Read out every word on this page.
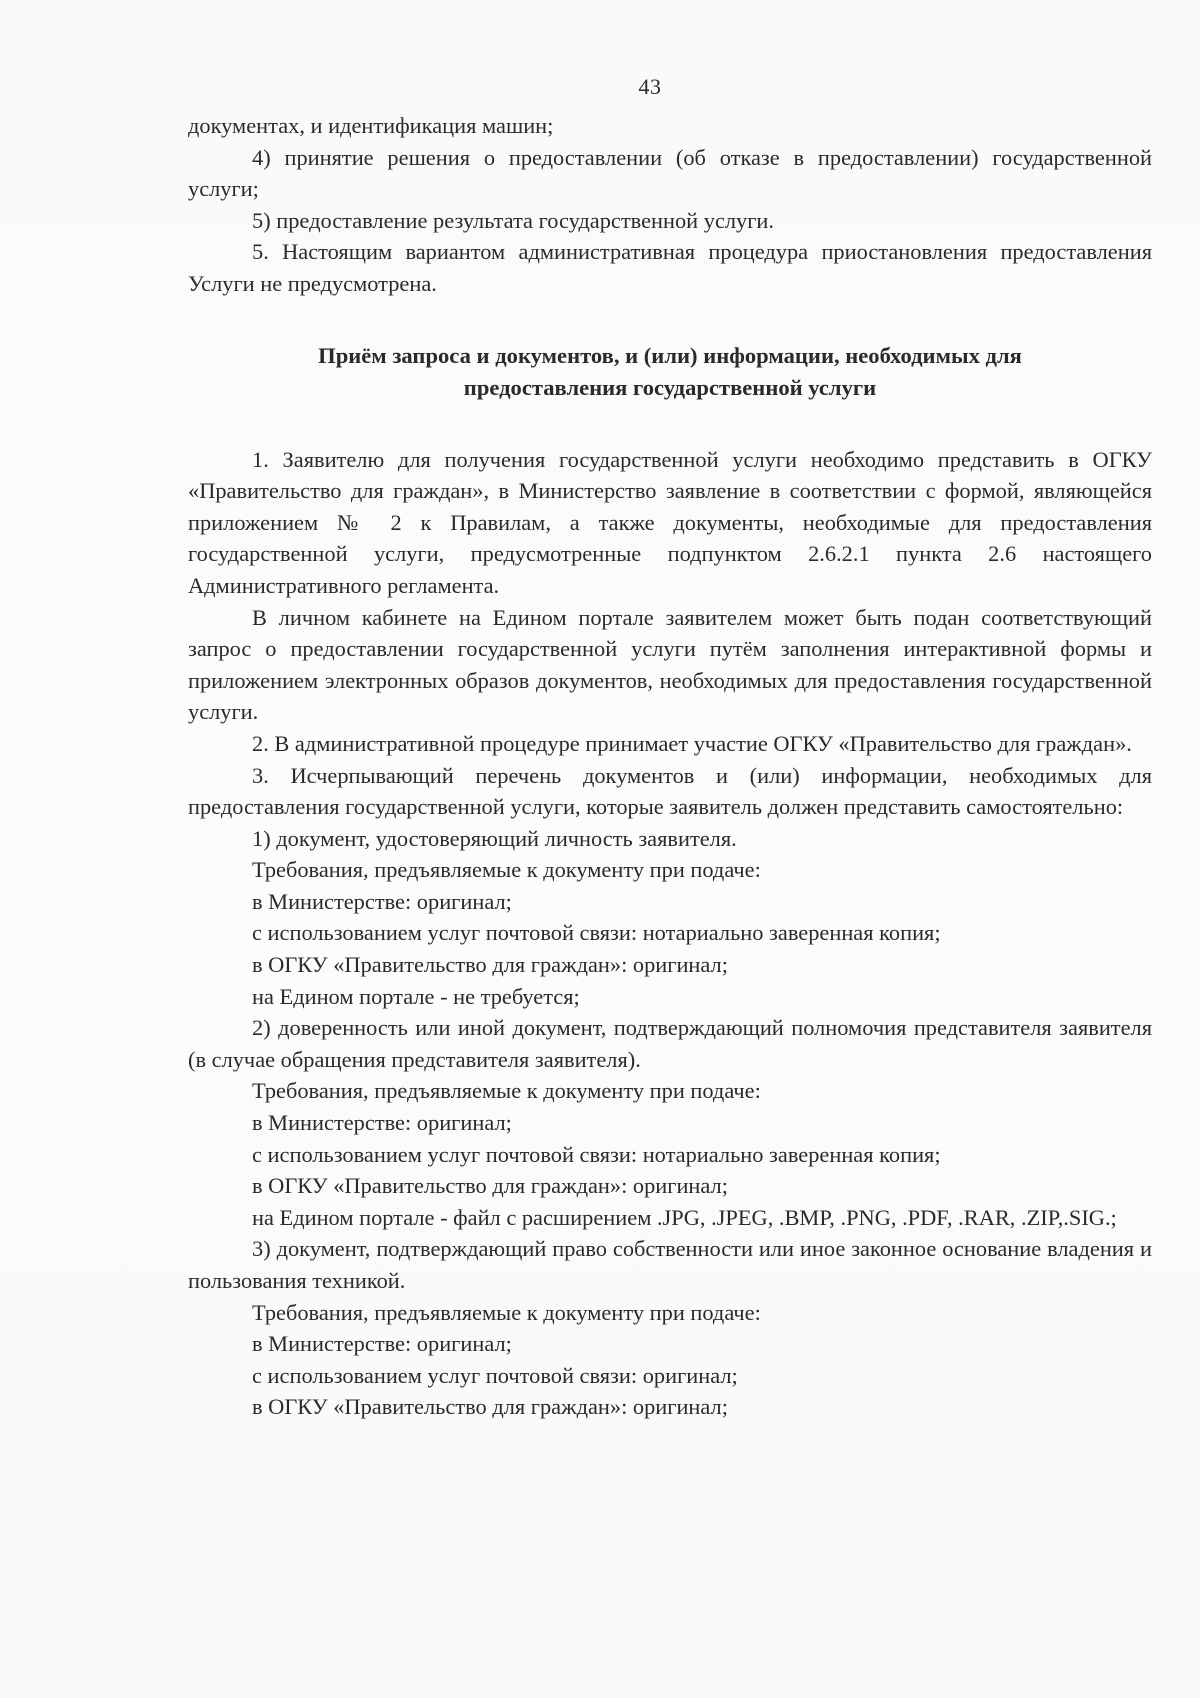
43

документах, и идентификация машин;

4) принятие решения о предоставлении (об отказе в предоставлении) государственной услуги;

5) предоставление результата государственной услуги.

5. Настоящим вариантом административная процедура приостановления предоставления Услуги не предусмотрена.

Приём запроса и документов, и (или) информации, необходимых для
предоставления государственной услуги

1. Заявителю для получения государственной услуги необходимо представить в ОГКУ «Правительство для граждан», в Министерство заявление в соответствии с формой, являющейся приложением № 2 к Правилам, а также документы, необходимые для предоставления государственной услуги, предусмотренные подпунктом 2.6.2.1 пункта 2.6 настоящего Административного регламента.

В личном кабинете на Едином портале заявителем может быть подан соответствующий запрос о предоставлении государственной услуги путём заполнения интерактивной формы и приложением электронных образов документов, необходимых для предоставления государственной услуги.

2. В административной процедуре принимает участие ОГКУ «Правительство для граждан».

3. Исчерпывающий перечень документов и (или) информации, необходимых для предоставления государственной услуги, которые заявитель должен представить самостоятельно:

1) документ, удостоверяющий личность заявителя.

Требования, предъявляемые к документу при подаче:

в Министерстве: оригинал;

с использованием услуг почтовой связи: нотариально заверенная копия;

в ОГКУ «Правительство для граждан»: оригинал;

на Едином портале - не требуется;

2) доверенность или иной документ, подтверждающий полномочия представителя заявителя (в случае обращения представителя заявителя).

Требования, предъявляемые к документу при подаче:

в Министерстве: оригинал;

с использованием услуг почтовой связи: нотариально заверенная копия;

в ОГКУ «Правительство для граждан»: оригинал;

на Едином портале - файл с расширением .JPG, .JPEG, .BMP, .PNG, .PDF, .RAR, .ZIP,.SIG.;

3) документ, подтверждающий право собственности или иное законное основание владения и пользования техникой.

Требования, предъявляемые к документу при подаче:

в Министерстве: оригинал;

с использованием услуг почтовой связи: оригинал;

в ОГКУ «Правительство для граждан»: оригинал;
